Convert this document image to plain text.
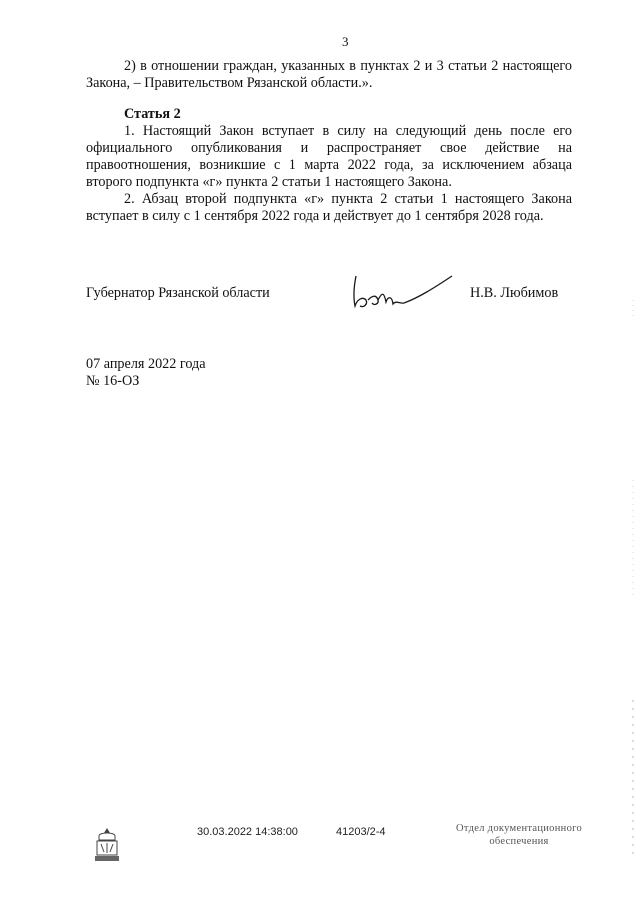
3

2) в отношении граждан, указанных в пунктах 2 и 3 статьи 2 настоящего Закона, – Правительством Рязанской области.».

Статья 2

1. Настоящий Закон вступает в силу на следующий день после его официального опубликования и распространяет свое действие на правоотношения, возникшие с 1 марта 2022 года, за исключением абзаца второго подпункта «г» пункта 2 статьи 1 настоящего Закона.

2. Абзац второй подпункта «г» пункта 2 статьи 1 настоящего Закона вступает в силу с 1 сентября 2022 года и действует до 1 сентября 2028 года.

Губернатор Рязанской области	Н.В. Любимов
07 апреля 2022 года
№ 16-ОЗ
30.03.2022 14:38:00	41203/2-4	Отдел документационного
обеспечения
